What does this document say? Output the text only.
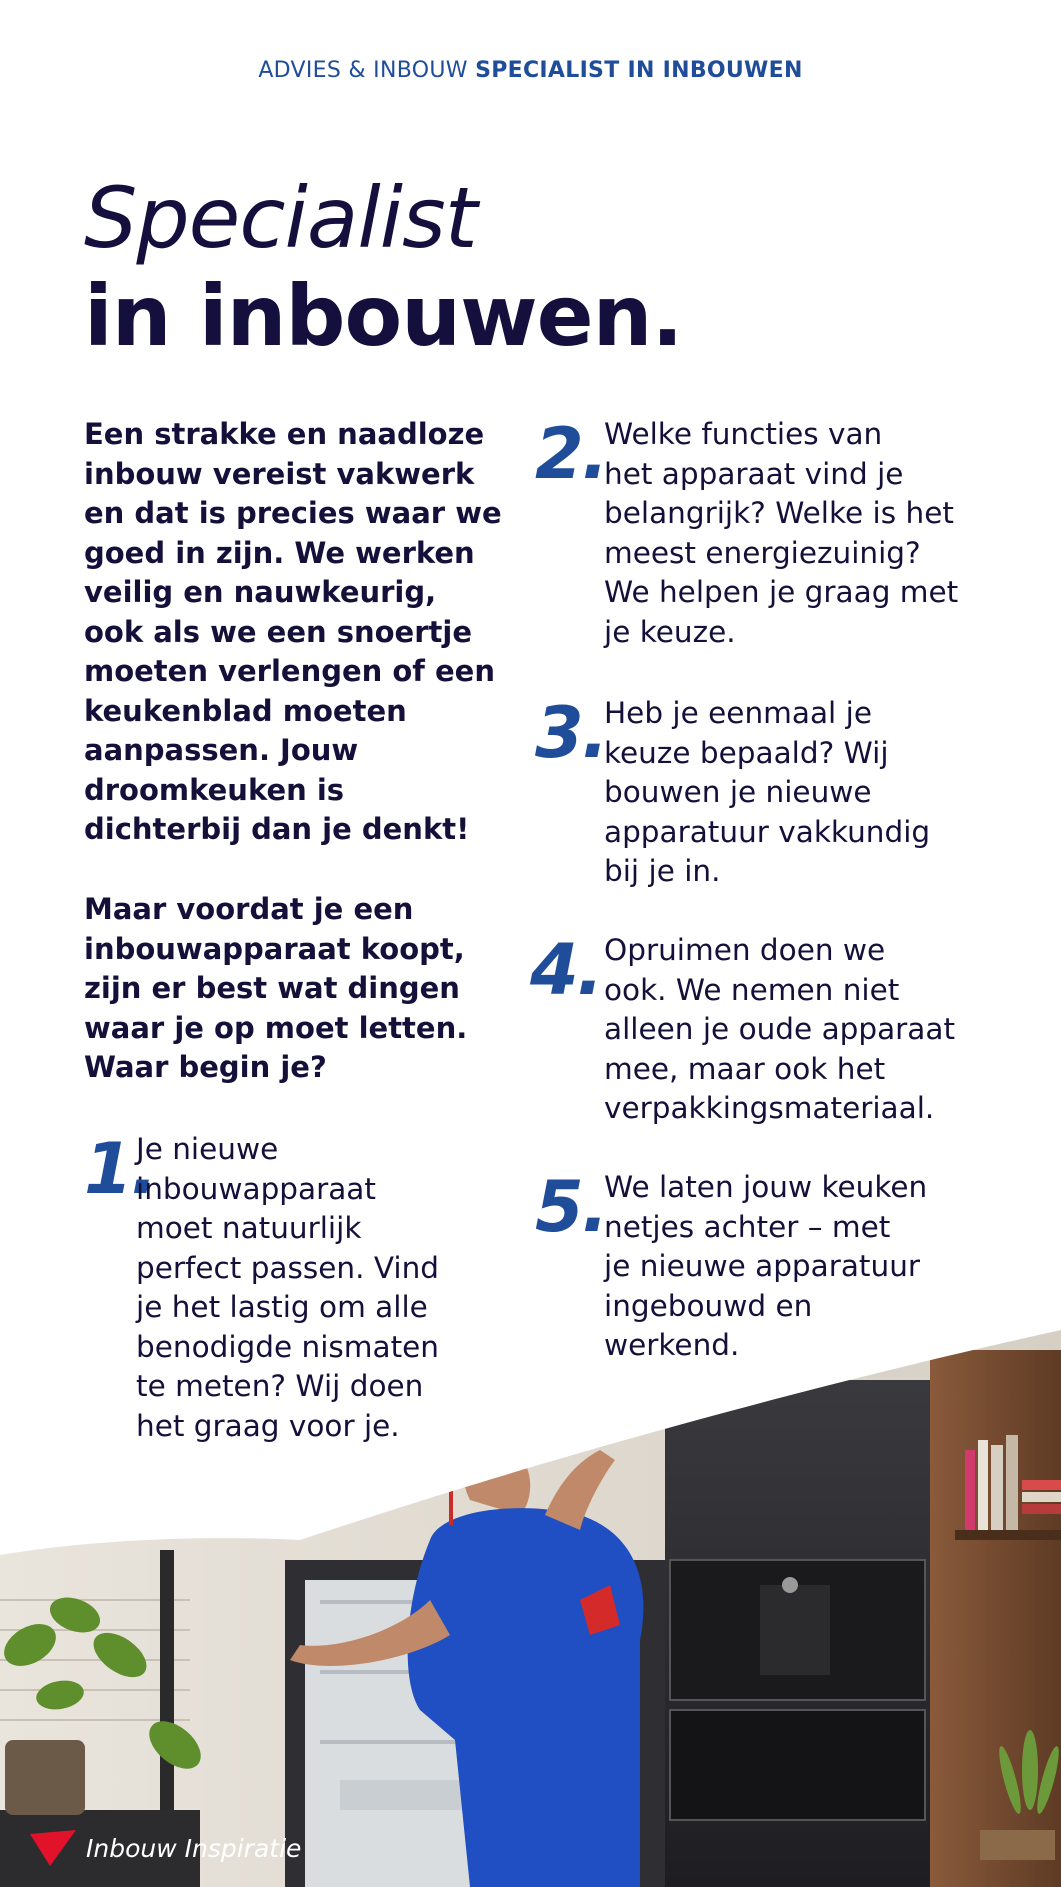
ADVIES & INBOUW SPECIALIST IN INBOUWEN
Specialist
in inbouwen.

Een strakke en naadloze inbouw vereist vakwerk en dat is precies waar we goed in zijn. We werken veilig en nauwkeurig, ook als we een snoertje moeten verlengen of een keukenblad moeten aanpassen. Jouw droomkeuken is dichterbij dan je denkt!

Maar voordat je een inbouwapparaat koopt, zijn er best wat dingen waar je op moet letten. Waar begin je?

1.

Je nieuwe
inbouwapparaat
moet natuurlijk
perfect passen. Vind
je het lastig om alle
benodigde nismaten
te meten? Wij doen
het graag voor je.

2.

Welke functies van
het apparaat vind je
belangrijk? Welke is het
meest energiezuinig?
We helpen je graag met
je keuze.

3.

Heb je eenmaal je
keuze bepaald? Wij
bouwen je nieuwe
apparatuur vakkundig
bij je in.

4. Opruimen doen we
ook. We nemen niet
alleen je oude apparaat
mee, maar ook het
verpakkingsmateriaal.

5.

We laten jouw keuken
netjes achter – met
je nieuwe apparatuur
ingebouwd en
werkend.

Inbouw Inspiratie
